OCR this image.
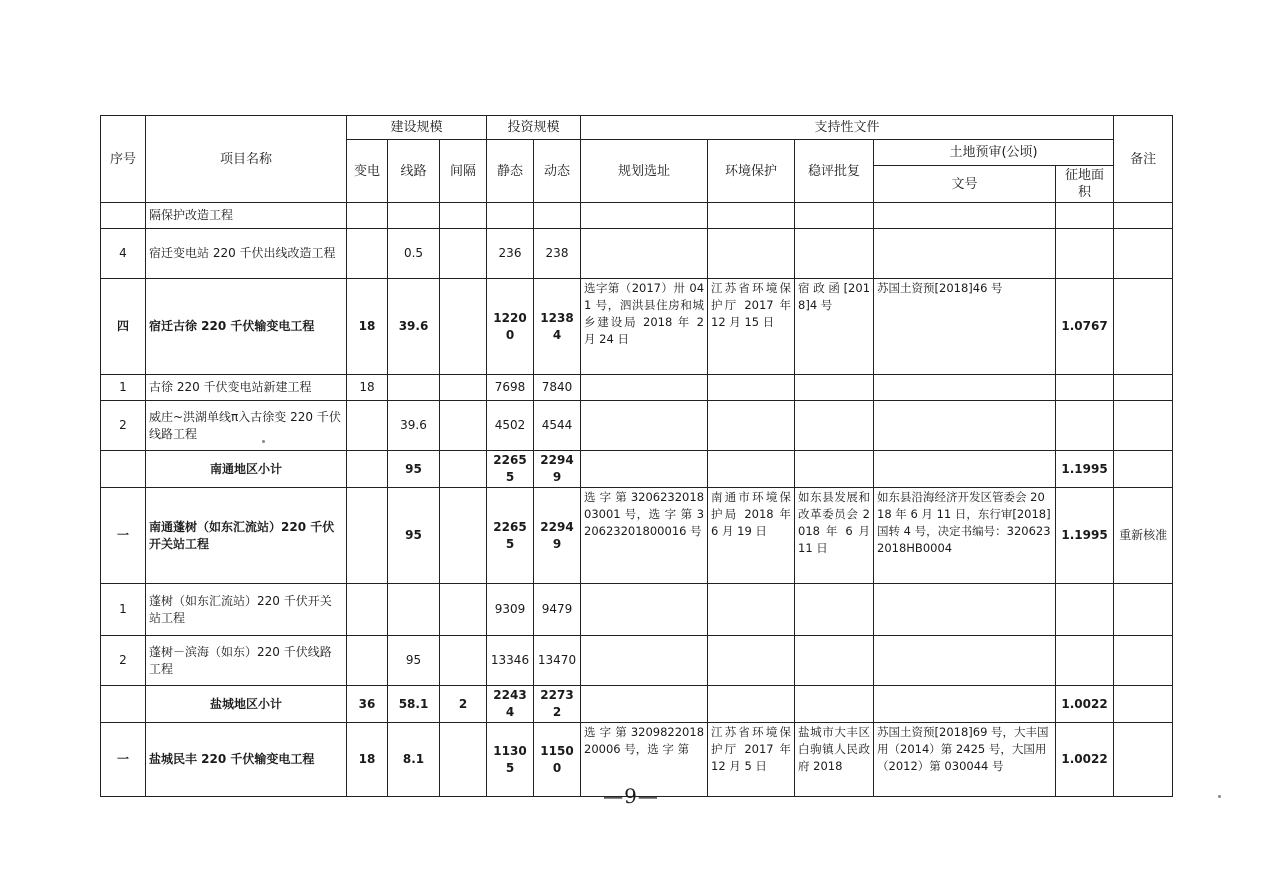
序号	项目名称	建设规模			投资规模		支持性文件					备注
		变电	线路	间隔	静态	动态	规划选址	环境保护	稳评批复	土地预审(公顷)		
										文号	征地面积	
	隔保护改造工程											
4	宿迁变电站 220 千伏出线改造工程		0.5		236	238						
四	宿迁古徐 220 千伏输变电工程	18	39.6		12200	12384	选字第（2017）卅 041 号，泗洪县住房和城乡建设局 2018 年 2 月 24 日	江苏省环境保护厅 2017 年 12 月 15 日	宿 政 函 [2018]4 号	苏国土资预[2018]46 号	1.0767	
1	古徐 220 千伏变电站新建工程	18			7698	7840						
2	威庄~洪湖单线π入古徐变 220 千伏线路工程		39.6		4502	4544						
	南通地区小计		95		22655	22949					1.1995	
一	南通蓬树（如东汇流站）220 千伏开关站工程		95		22655	22949	选 字 第 320623201803001 号，选 字 第 320623201800016 号	南通市环境保护局 2018 年 6 月 19 日	如东县发展和改革委员会 2018 年 6 月 11 日	如东县沿海经济开发区管委会 2018 年 6 月 11 日，东行审[2018] 国转 4 号，决定书编号：3206232018HB0004	1.1995	重新核准
1	蓬树（如东汇流站）220 千伏开关站工程				9309	9479						
2	蓬树－滨海（如东）220 千伏线路工程		95		13346	13470						
	盐城地区小计	36	58.1	2	22434	22732					1.0022	
一	盐城民丰 220 千伏输变电工程	18	8.1		11305	11500	选 字 第 320982201820006 号，选 字 第	江苏省环境保护厅 2017 年 12 月 5 日	盐城市大丰区白驹镇人民政府 2018	苏国土资预[2018]69 号，大丰国用（2014）第 2425 号，大国用（2012）第 030044 号	1.0022	
—9—
